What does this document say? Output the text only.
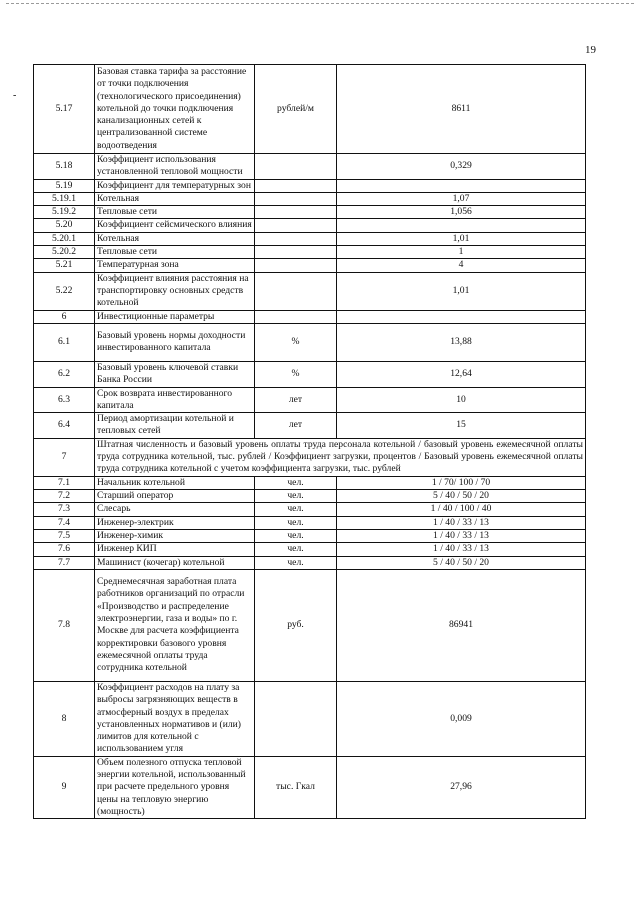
19
-
5.17	Базовая ставка тарифа за расстояние от точки подключения (технологического присоединения) котельной до точки подключения канализационных сетей к централизованной системе водоотведения	рублей/м	8611
5.18	Коэффициент использования установленной тепловой мощности		0,329
5.19	Коэффициент для температурных зон		
5.19.1	Котельная		1,07
5.19.2	Тепловые сети		1,056
5.20	Коэффициент сейсмического влияния		
5.20.1	Котельная		1,01
5.20.2	Тепловые сети		1
5.21	Температурная зона		4
5.22	Коэффициент влияния расстояния на транспортировку основных средств котельной		1,01
6	Инвестиционные параметры		
6.1	Базовый уровень нормы доходности инвестированного капитала	%	13,88
6.2	Базовый уровень ключевой ставки Банка России	%	12,64
6.3	Срок возврата инвестированного капитала	лет	10
6.4	Период амортизации котельной и тепловых сетей	лет	15
7	Штатная численность и базовый уровень оплаты труда персонала котельной / базовый уровень ежемесячной оплаты труда сотрудника котельной, тыс. рублей / Коэффициент загрузки, процентов / Базовый уровень ежемесячной оплаты труда сотрудника котельной с учетом коэффициента загрузки, тыс. рублей		
7.1	Начальник котельной	чел.	1 / 70/ 100 / 70
7.2	Старший оператор	чел.	5 / 40 / 50 / 20
7.3	Слесарь	чел.	1 / 40 / 100 / 40
7.4	Инженер-электрик	чел.	1 / 40 / 33 / 13
7.5	Инженер-химик	чел.	1 / 40 / 33 / 13
7.6	Инженер КИП	чел.	1 / 40 / 33 / 13
7.7	Машинист (кочегар) котельной	чел.	5 / 40 / 50 / 20
7.8	Среднемесячная заработная плата работников организаций по отрасли «Производство и распределение электроэнергии, газа и воды» по г. Москве для расчета коэффициента корректировки базового уровня ежемесячной оплаты труда сотрудника котельной	руб.	86941
8	Коэффициент расходов на плату за выбросы загрязняющих веществ в атмосферный воздух в пределах установленных нормативов и (или) лимитов для котельной с использованием угля		0,009
9	Объем полезного отпуска тепловой энергии котельной, использованный при расчете предельного уровня цены на тепловую энергию (мощность)	тыс. Гкал	27,96
